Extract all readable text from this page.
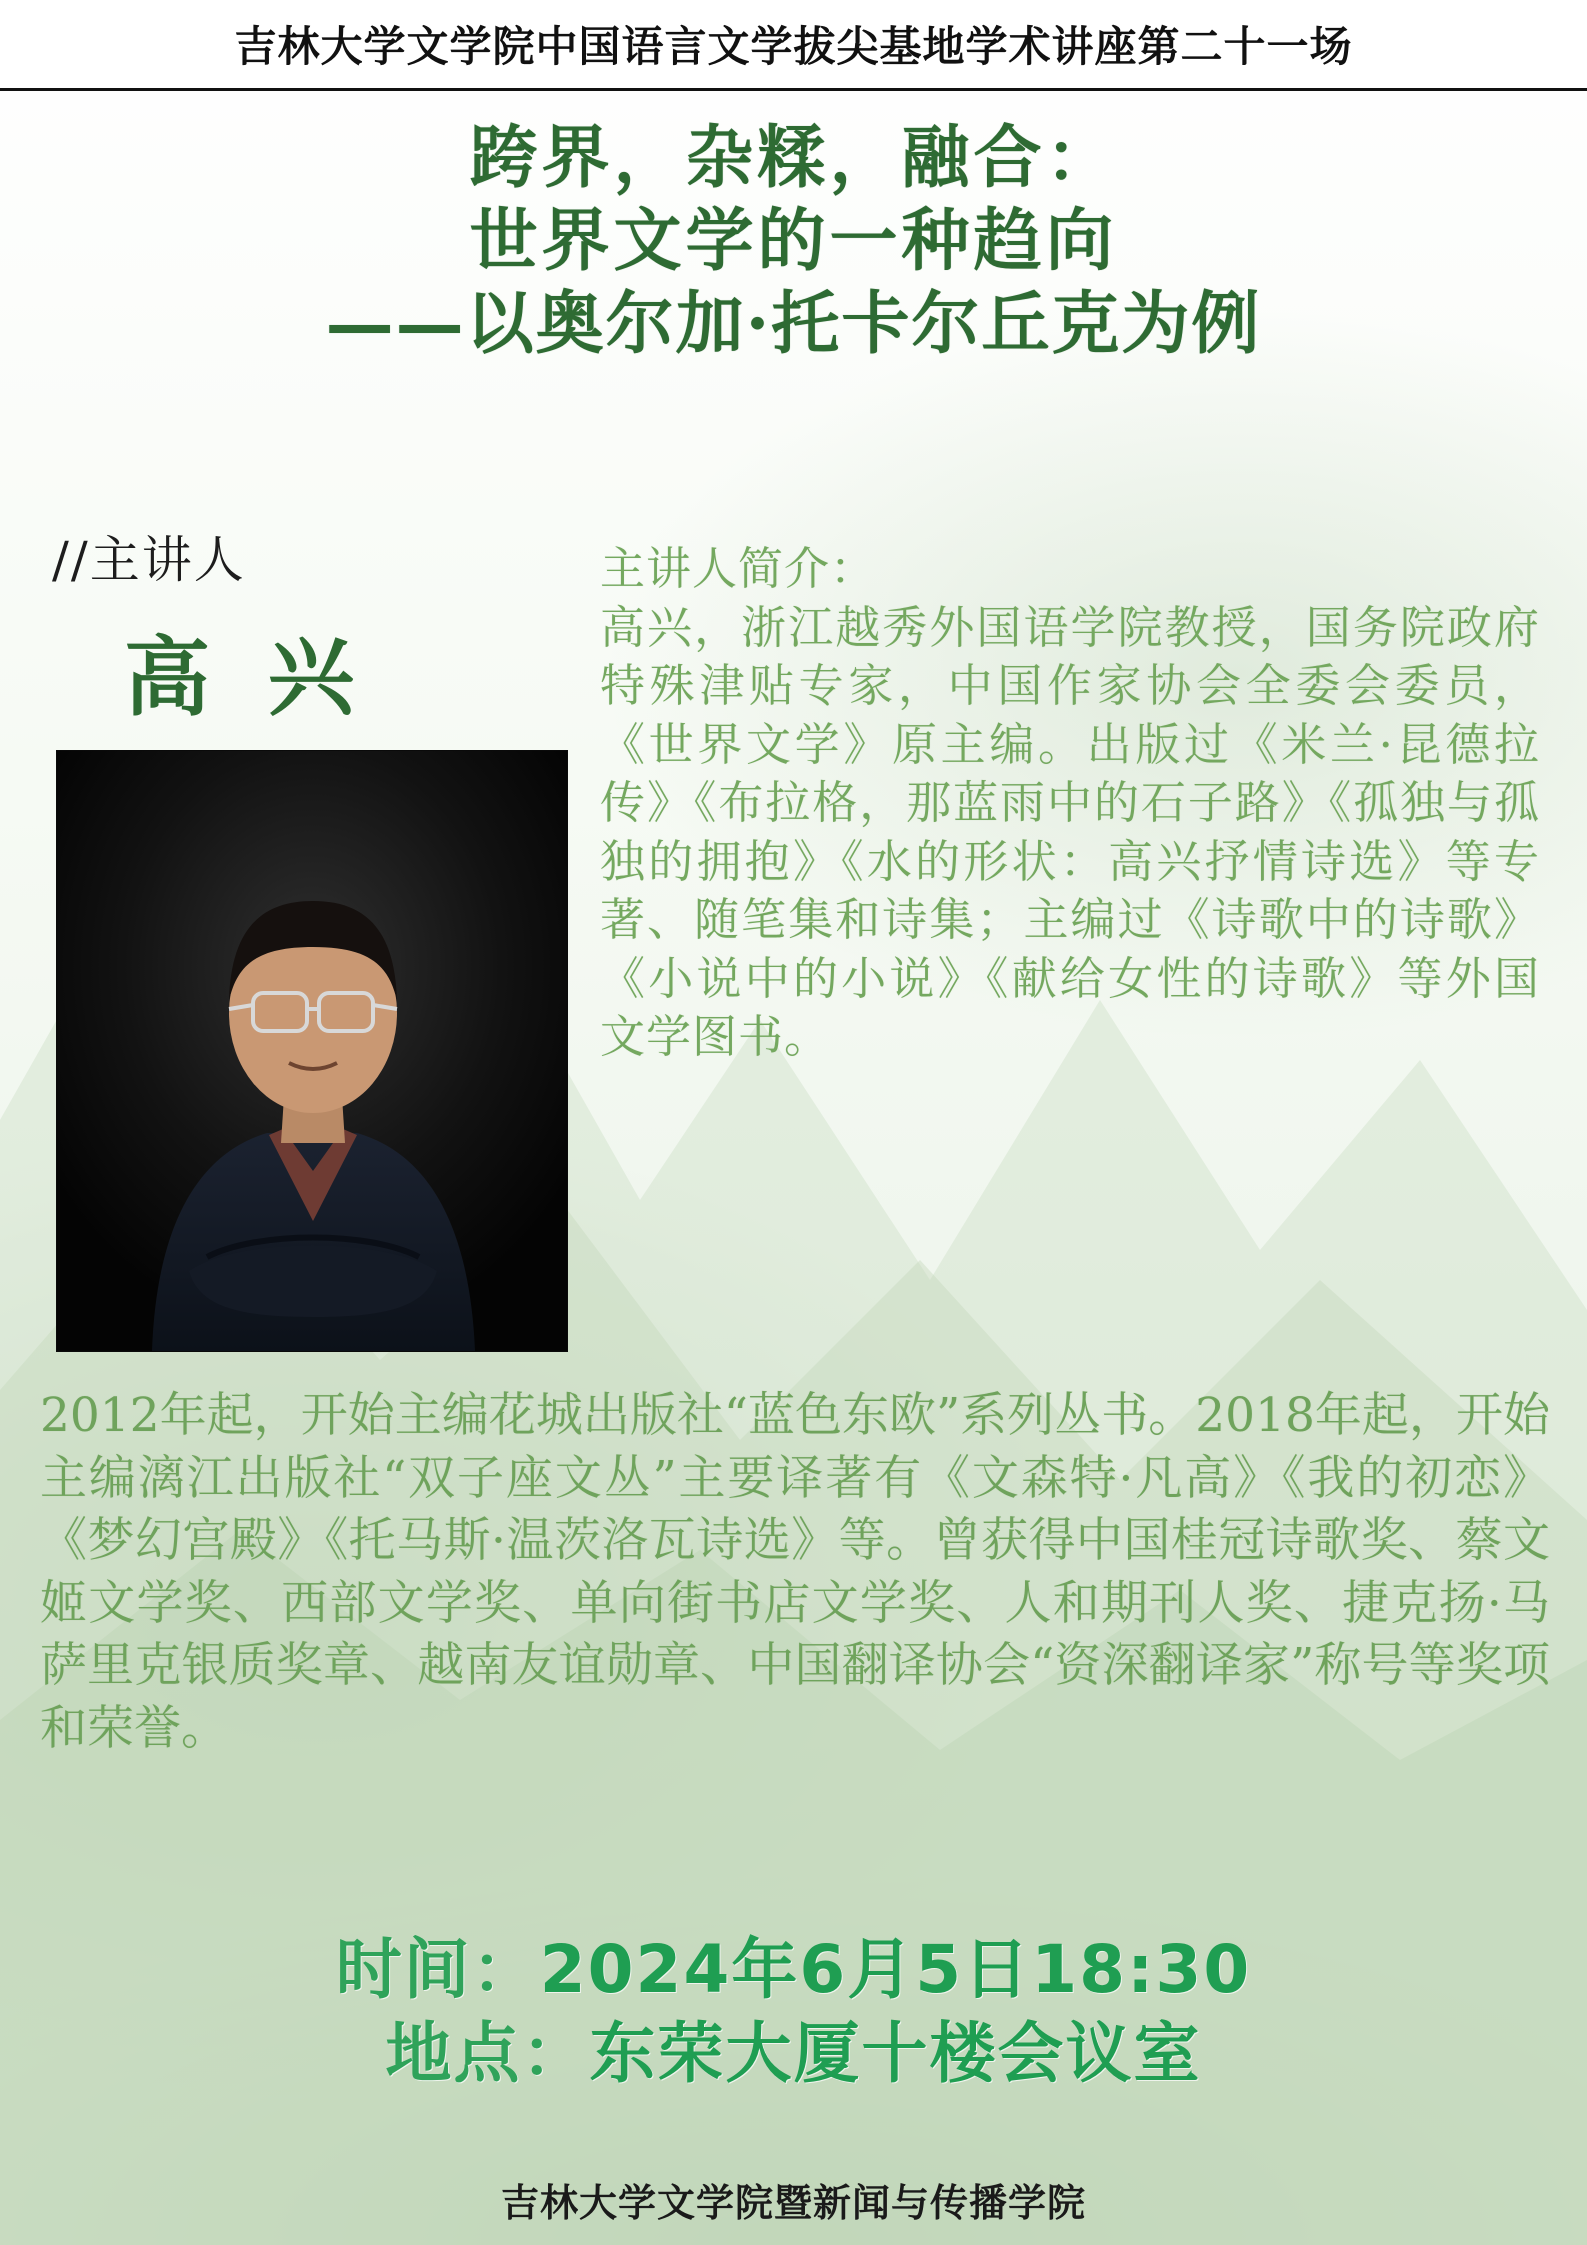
吉林大学文学院中国语言文学拔尖基地学术讲座第二十一场
跨界，杂糅，融合：
世界文学的一种趋向
——以奥尔加·托卡尔丘克为例
//主讲人
高 兴
主讲人简介：
高兴，浙江越秀外国语学院教授，国务院政府特殊津贴专家，中国作家协会全委会委员，《世界文学》原主编。出版过《米兰·昆德拉传》《布拉格，那蓝雨中的石子路》《孤独与孤独的拥抱》《水的形状：高兴抒情诗选》等专著、随笔集和诗集；主编过《诗歌中的诗歌》《小说中的小说》《献给女性的诗歌》等外国文学图书。
2012年起，开始主编花城出版社“蓝色东欧”系列丛书。2018年起，开始主编漓江出版社“双子座文丛”主要译著有《文森特·凡高》《我的初恋》《梦幻宫殿》《托马斯·温茨洛瓦诗选》等。曾获得中国桂冠诗歌奖、蔡文姬文学奖、西部文学奖、单向街书店文学奖、人和期刊人奖、捷克扬·马萨里克银质奖章、越南友谊勋章、中国翻译协会“资深翻译家”称号等奖项和荣誉。
时间：2024年6月5日18:30
地点：东荣大厦十楼会议室
吉林大学文学院暨新闻与传播学院
